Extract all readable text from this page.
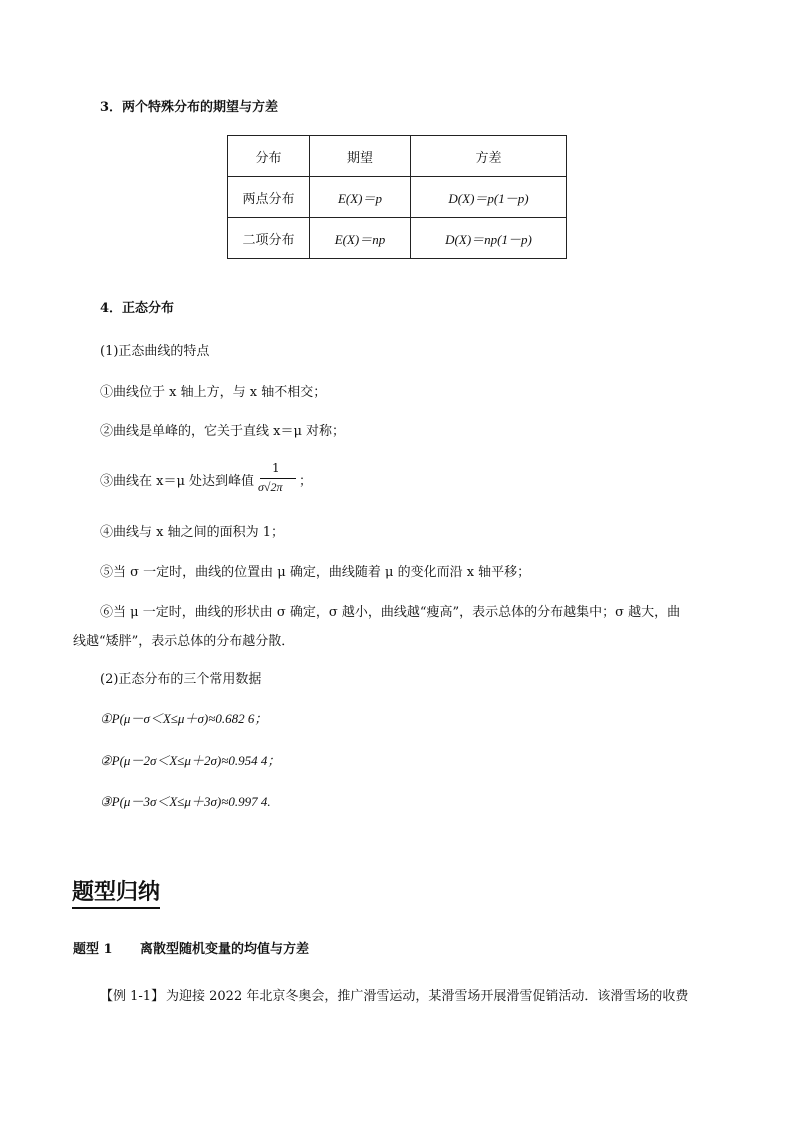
3．两个特殊分布的期望与方差
分布	期望	方差
两点分布	E(X)＝p	D(X)＝p(1－p)
二项分布	E(X)＝np	D(X)＝np(1－p)
4．正态分布
(1)正态曲线的特点
①曲线位于 x 轴上方，与 x 轴不相交；
②曲线是单峰的，它关于直线 x＝μ 对称；
③曲线在 x＝μ 处达到峰值
1
σ√2π ；
④曲线与 x 轴之间的面积为 1；
⑤当 σ 一定时，曲线的位置由 μ 确定，曲线随着 μ 的变化而沿 x 轴平移；
⑥当 μ 一定时，曲线的形状由 σ 确定，σ 越小，曲线越“瘦高”，表示总体的分布越集中；σ 越大，曲
线越“矮胖”，表示总体的分布越分散．
(2)正态分布的三个常用数据
①P(μ－σ＜X≤μ＋σ)≈0.682 6；
②P(μ－2σ＜X≤μ＋2σ)≈0.954 4；
③P(μ－3σ＜X≤μ＋3σ)≈0.997 4.
题型归纳
题型 1 离散型随机变量的均值与方差
【例 1-1】 为迎接 2022 年北京冬奥会，推广滑雪运动，某滑雪场开展滑雪促销活动．该滑雪场的收费
